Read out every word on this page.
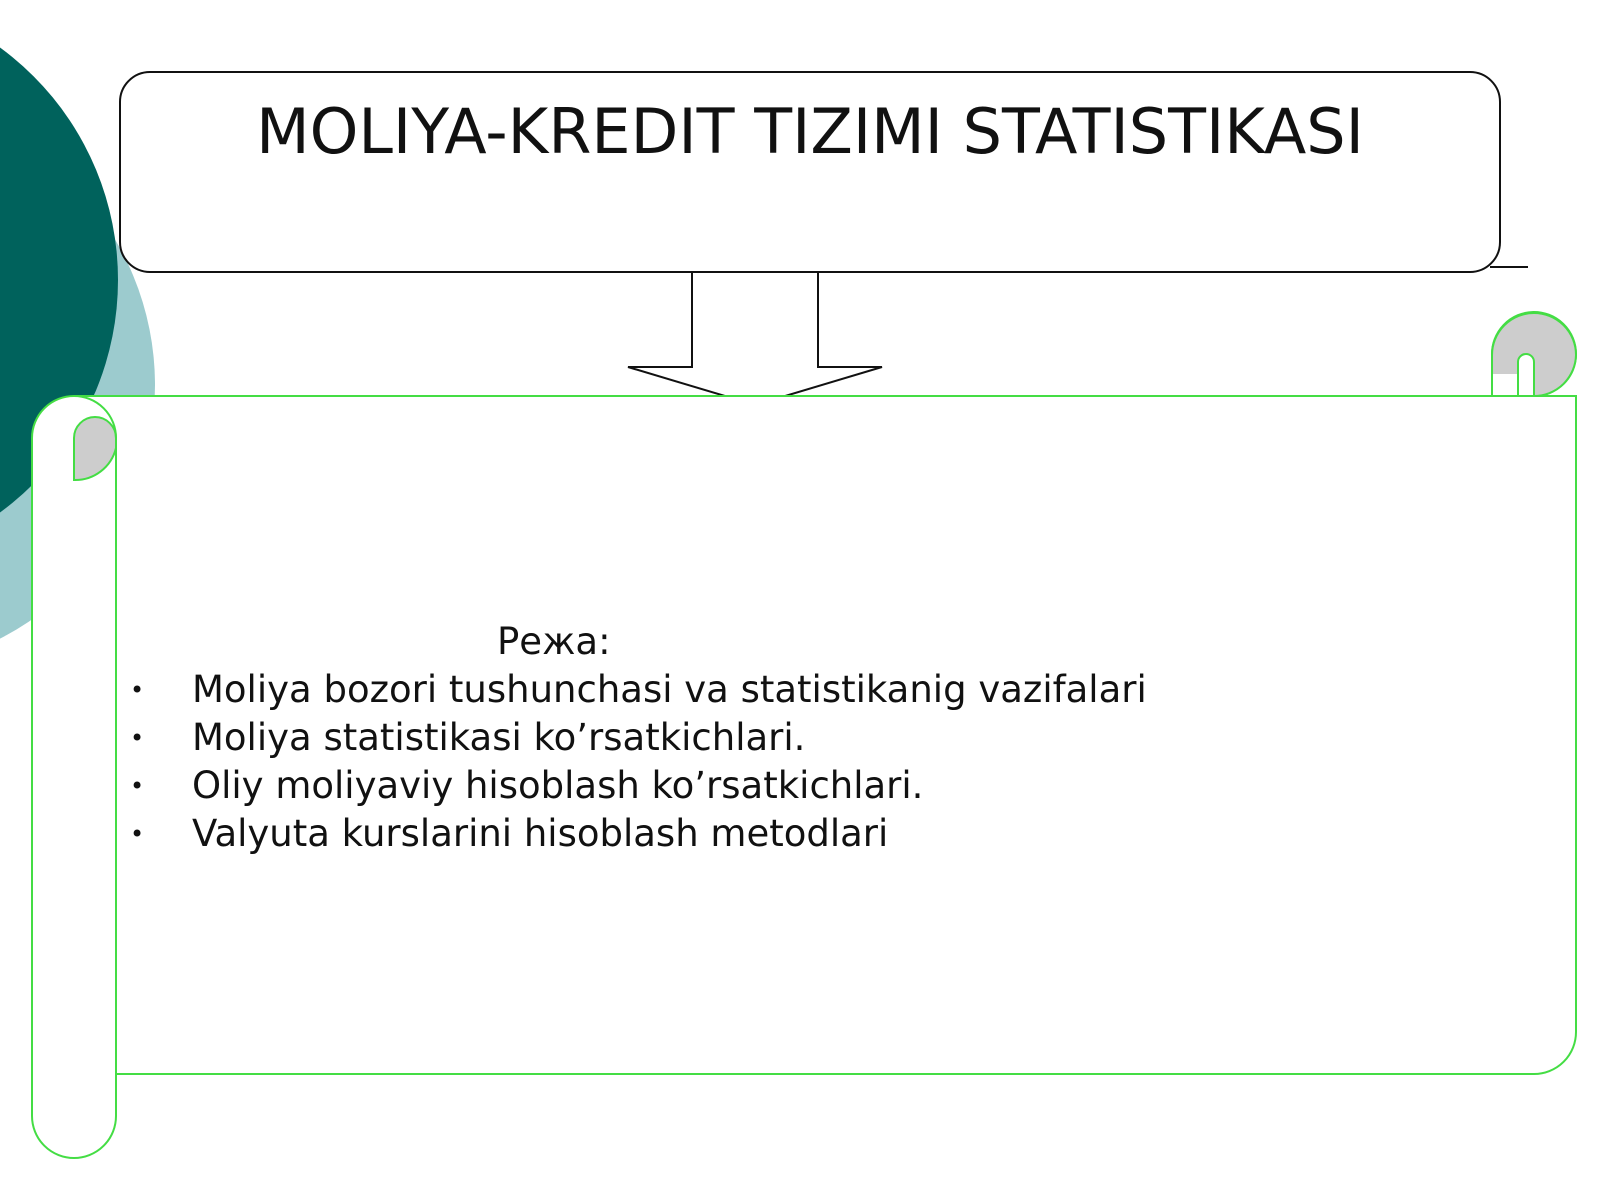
MOLIYA-KREDIT TIZIMI STATISTIKASI
Режа:
• Moliya bozori tushunchasi va statistikanig vazifalari
• Moliya statistikasi ko’rsatkichlari.
• Oliy moliyaviy hisoblash ko’rsatkichlari.
• Valyuta kurslarini hisoblash metodlari
